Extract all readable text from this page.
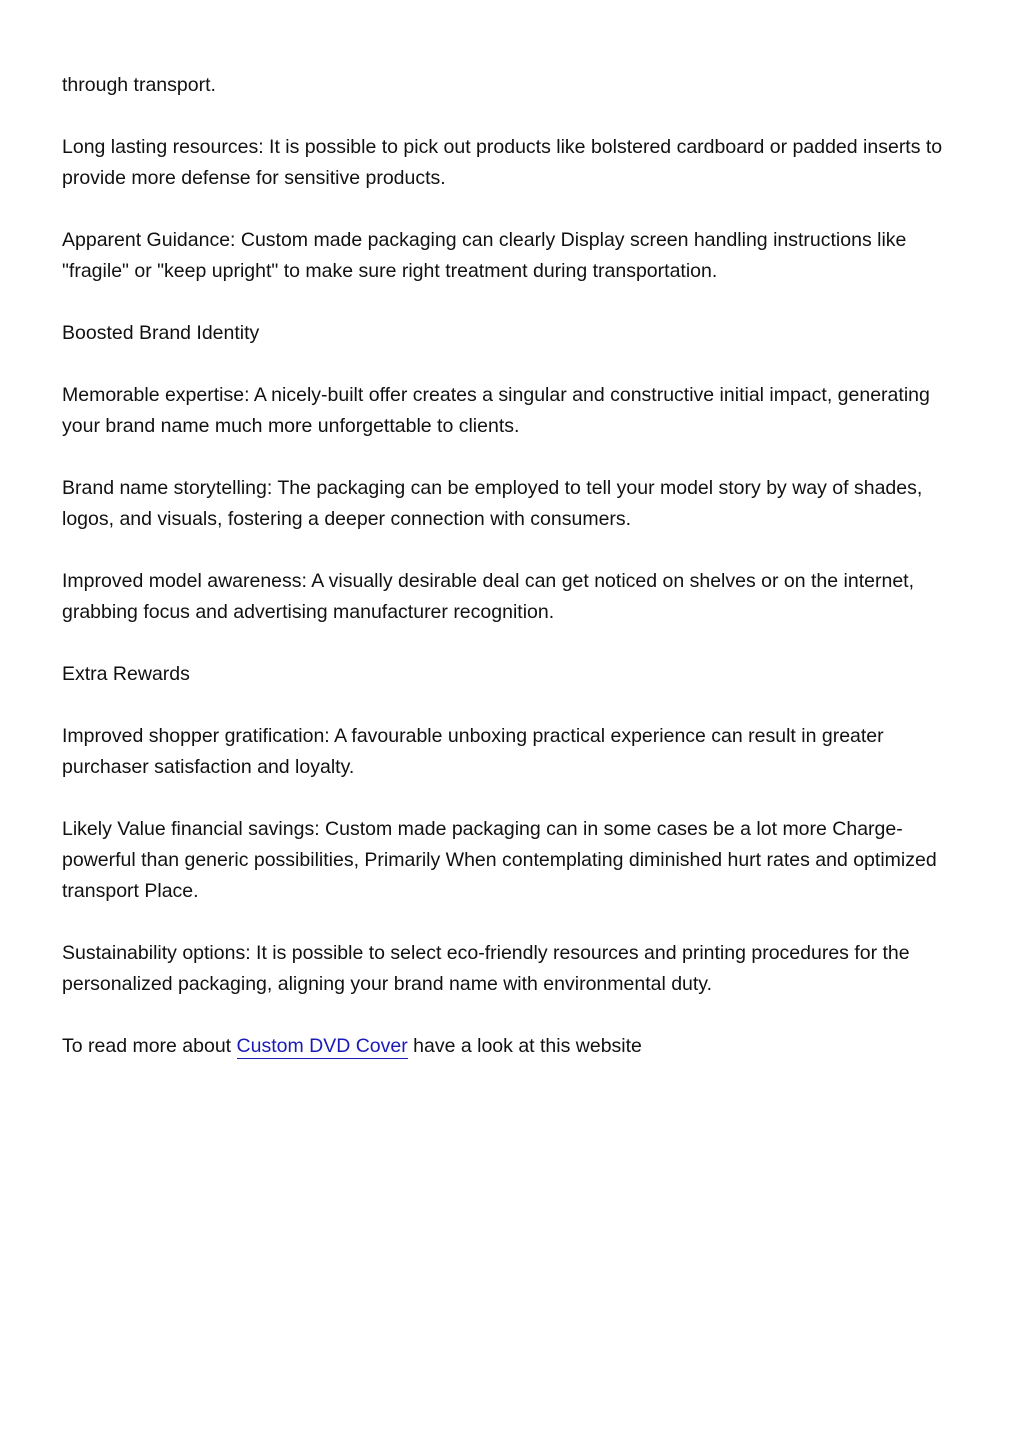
through transport.

Long lasting resources: It is possible to pick out products like bolstered cardboard or padded inserts to provide more defense for sensitive products.

Apparent Guidance: Custom made packaging can clearly Display screen handling instructions like "fragile" or "keep upright" to make sure right treatment during transportation.

Boosted Brand Identity

Memorable expertise: A nicely-built offer creates a singular and constructive initial impact, generating your brand name much more unforgettable to clients.

Brand name storytelling: The packaging can be employed to tell your model story by way of shades, logos, and visuals, fostering a deeper connection with consumers.

Improved model awareness: A visually desirable deal can get noticed on shelves or on the internet, grabbing focus and advertising manufacturer recognition.

Extra Rewards

Improved shopper gratification: A favourable unboxing practical experience can result in greater purchaser satisfaction and loyalty.

Likely Value financial savings: Custom made packaging can in some cases be a lot more Charge-powerful than generic possibilities, Primarily When contemplating diminished hurt rates and optimized transport Place.

Sustainability options: It is possible to select eco-friendly resources and printing procedures for the personalized packaging, aligning your brand name with environmental duty.

To read more about Custom DVD Cover have a look at this website
